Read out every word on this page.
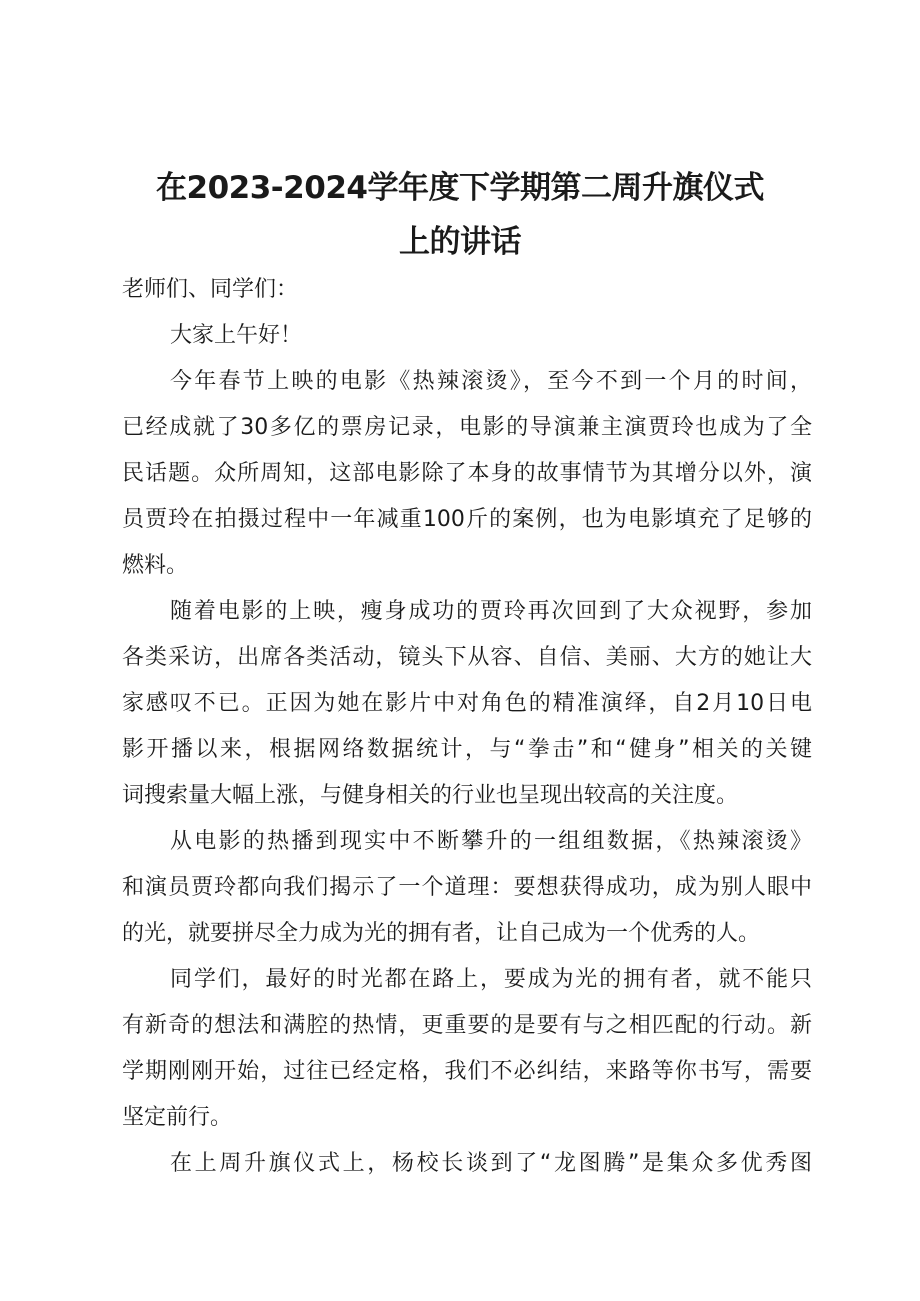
在2023-2024学年度下学期第二周升旗仪式
上的讲话

老师们、同学们：

大家上午好！

今年春节上映的电影《热辣滚烫》，至今不到一个月的时间，

已经成就了30多亿的票房记录，电影的导演兼主演贾玲也成为了全

民话题。众所周知，这部电影除了本身的故事情节为其增分以外，演

员贾玲在拍摄过程中一年减重100斤的案例，也为电影填充了足够的

燃料。

随着电影的上映，瘦身成功的贾玲再次回到了大众视野，参加

各类采访，出席各类活动，镜头下从容、自信、美丽、大方的她让大

家感叹不已。正因为她在影片中对角色的精准演绎，自2月10日电

影开播以来，根据网络数据统计，与“拳击”和“健身”相关的关键

词搜索量大幅上涨，与健身相关的行业也呈现出较高的关注度。

从电影的热播到现实中不断攀升的一组组数据，《热辣滚烫》

和演员贾玲都向我们揭示了一个道理：要想获得成功，成为别人眼中

的光，就要拼尽全力成为光的拥有者，让自己成为一个优秀的人。

同学们，最好的时光都在路上，要成为光的拥有者，就不能只

有新奇的想法和满腔的热情，更重要的是要有与之相匹配的行动。新

学期刚刚开始，过往已经定格，我们不必纠结，来路等你书写，需要

坚定前行。

在上周升旗仪式上，杨校长谈到了“龙图腾”是集众多优秀图
